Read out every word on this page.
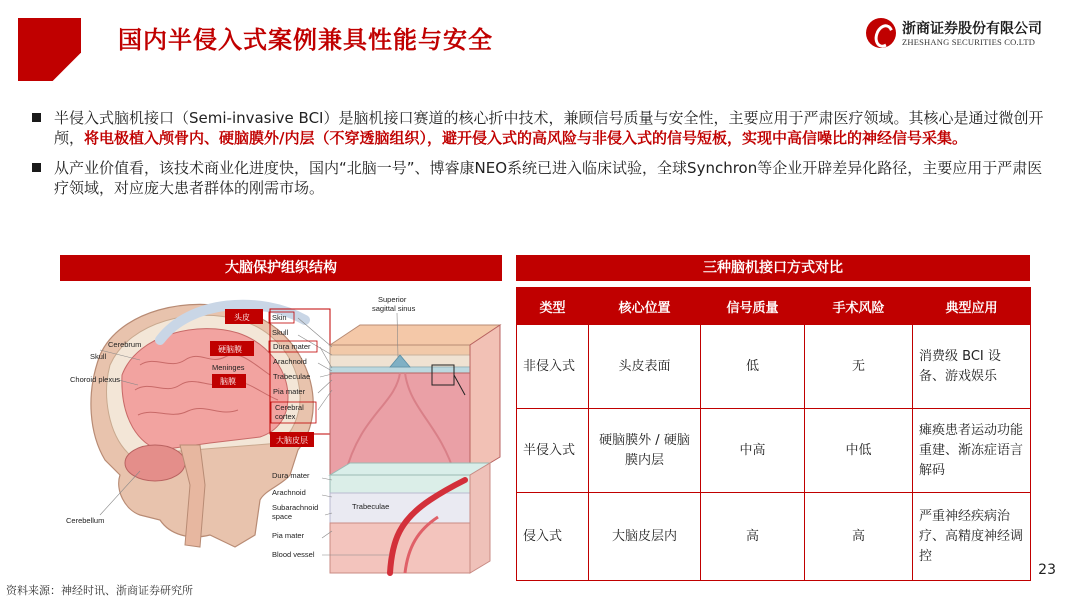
国内半侵入式案例兼具性能与安全	浙商证券股份有限公司
ZHESHANG SECURITIES CO.LTD
半侵入式脑机接口（Semi-invasive BCI）是脑机接口赛道的核心折中技术，兼顾信号质量与安全性，主要应用于严肃医疗领域。其核心是通过微创开颅，将电极植入颅骨内、硬脑膜外/内层（不穿透脑组织），避开侵入式的高风险与非侵入式的信号短板，实现中高信噪比的神经信号采集。
从产业价值看，该技术商业化进度快，国内“北脑一号”、博睿康NEO系统已进入临床试验，全球Synchron等企业开辟差异化路径，主要应用于严肃医疗领域，对应庞大患者群体的刚需市场。
大脑保护组织结构	三种脑机接口方式对比
Cerebrum
Skull
Choroid plexus
Meninges
Cerebellum
Skin
Skull
Dura mater
Arachnoid
Trabeculae
Pia mater
Cerebral
cortex
Superior
sagittal sinus
Dura mater
Arachnoid
Subarachnoid
space
Pia mater
Blood vessel
Trabeculae
头皮
硬脑膜
脑膜
大脑皮层
类型	核心位置	信号质量	手术风险	典型应用
非侵入式	头皮表面	低	无	消费级 BCI 设备、游戏娱乐
半侵入式	硬脑膜外 / 硬脑膜内层	中高	中低	瘫痪患者运动功能重建、渐冻症语言解码
侵入式	大脑皮层内	高	高	严重神经疾病治疗、高精度神经调控
23
资料来源：神经时讯、浙商证券研究所
